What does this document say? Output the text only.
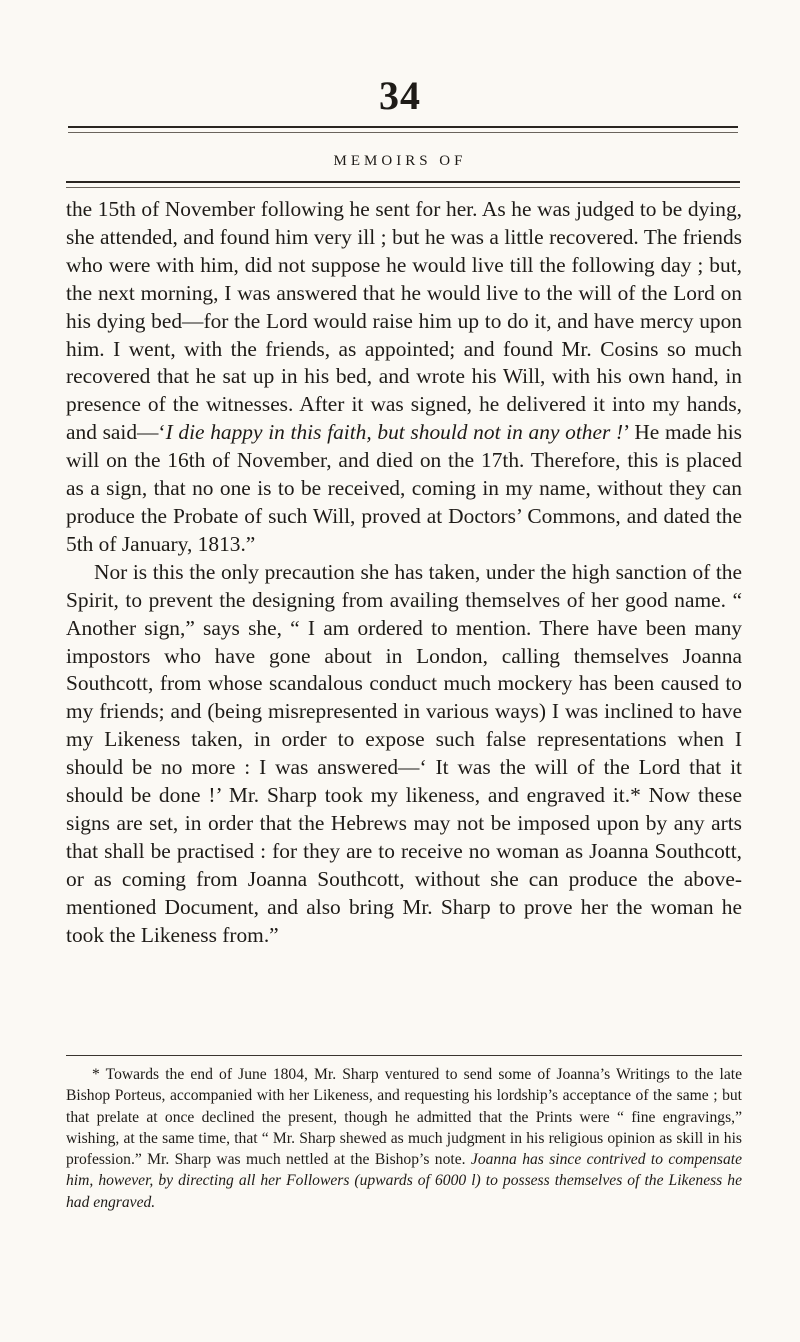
34
MEMOIRS OF

the 15th of November following he sent for her. As he was judged to be dying, she attended, and found him very ill ; but he was a little recovered. The friends who were with him, did not suppose he would live till the following day ; but, the next morning, I was answered that he would live to the will of the Lord on his dying bed—for the Lord would raise him up to do it, and have mercy upon him. I went, with the friends, as appointed; and found Mr. Cosins so much recovered that he sat up in his bed, and wrote his Will, with his own hand, in presence of the witnesses. After it was signed, he delivered it into my hands, and said—‘I die happy in this faith, but should not in any other !’ He made his will on the 16th of November, and died on the 17th. Therefore, this is placed as a sign, that no one is to be received, coming in my name, without they can produce the Probate of such Will, proved at Doctors’ Commons, and dated the 5th of January, 1813.”

Nor is this the only precaution she has taken, under the high sanction of the Spirit, to prevent the designing from availing themselves of her good name. “ Another sign,” says she, “ I am ordered to mention. There have been many impostors who have gone about in London, calling themselves Joanna Southcott, from whose scandalous conduct much mockery has been caused to my friends; and (being misrepresented in various ways) I was inclined to have my Likeness taken, in order to expose such false representations when I should be no more : I was answered—‘ It was the will of the Lord that it should be done !’ Mr. Sharp took my likeness, and engraved it.* Now these signs are set, in order that the Hebrews may not be imposed upon by any arts that shall be practised : for they are to receive no woman as Joanna Southcott, or as coming from Joanna Southcott, without she can produce the above-mentioned Document, and also bring Mr. Sharp to prove her the woman he took the Likeness from.”

* Towards the end of June 1804, Mr. Sharp ventured to send some of Joanna’s Writings to the late Bishop Porteus, accompanied with her Likeness, and requesting his lordship’s acceptance of the same ; but that prelate at once declined the present, though he admitted that the Prints were “ fine engravings,” wishing, at the same time, that “ Mr. Sharp shewed as much judgment in his religious opinion as skill in his profession.” Mr. Sharp was much nettled at the Bishop’s note. Joanna has since contrived to compensate him, however, by directing all her Followers (upwards of 6000 l) to possess themselves of the Likeness he had engraved.
